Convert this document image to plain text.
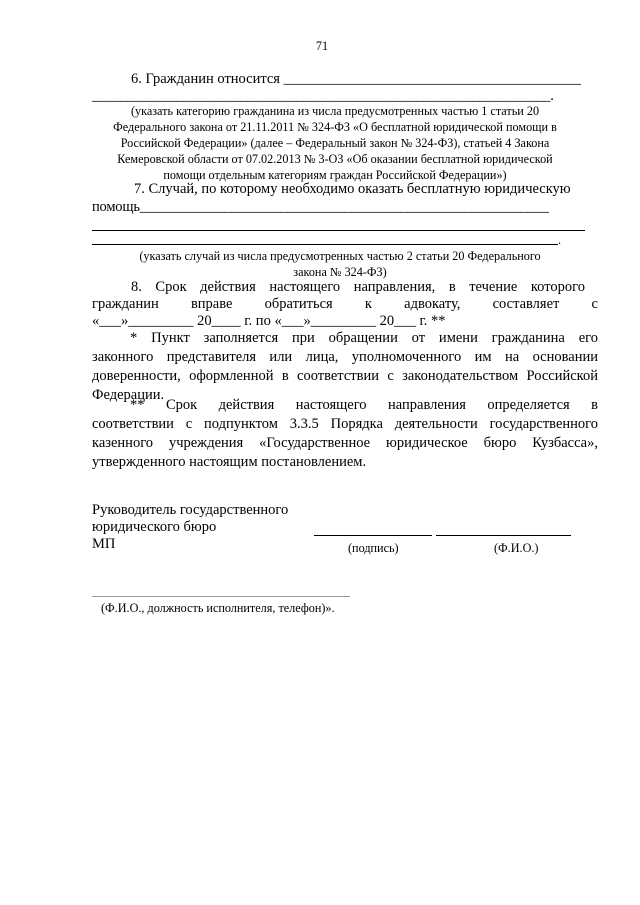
71
6. Гражданин относится _________________________________________
_________________________________________________________________.
(указать категорию гражданина из числа предусмотренных частью 1 статьи 20
Федерального закона от 21.11.2011 № 324-ФЗ «О бесплатной юридической помощи в
Российской Федерации» (далее – Федеральный закон № 324-ФЗ), статьей 4 Закона
Кемеровской области от 07.02.2013 № 3-ОЗ «Об оказании бесплатной юридической
помощи отдельным категориям граждан Российской Федерации»)
7. Случай, по которому необходимо оказать бесплатную юридическую
помощь__________________________________________________________
.
(указать случай из числа предусмотренных частью 2 статьи 20 Федерального
закона № 324-ФЗ)
8. Срок действия настоящего направления, в течение которого
гражданин вправе обратиться к адвокату, составляет с
«___»_________ 20____ г. по «___»_________ 20___ г. **
* Пункт заполняется при обращении от имени гражданина его
законного представителя или лица, уполномоченного им на основании
доверенности, оформленной в соответствии с законодательством Российской
Федерации.
** Срок действия настоящего направления определяется в
соответствии с подпунктом 3.3.5 Порядка деятельности государственного
казенного учреждения «Государственное юридическое бюро Кузбасса»,
утвержденного настоящим постановлением.
Руководитель государственного
юридического бюро
МП	(подпись)	(Ф.И.О.)
(Ф.И.О., должность исполнителя, телефон)».
